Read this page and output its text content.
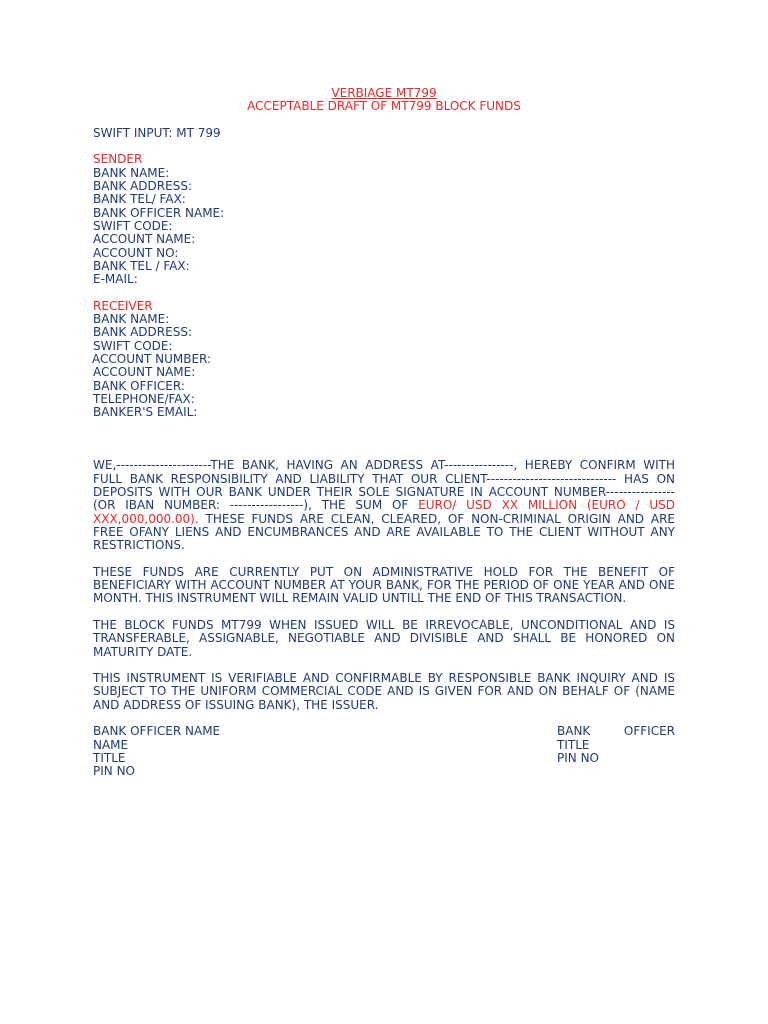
VERBIAGE MT799
ACCEPTABLE DRAFT OF MT799 BLOCK FUNDS
SWIFT INPUT: MT 799
SENDER
BANK NAME:
BANK ADDRESS:
BANK TEL/ FAX:
BANK OFFICER NAME:
SWIFT CODE:
ACCOUNT NAME:
ACCOUNT NO:
BANK TEL / FAX:
E-MAIL:
RECEIVER
BANK NAME:
BANK ADDRESS:
SWIFT CODE:
ACCOUNT NUMBER:
ACCOUNT NAME:
BANK OFFICER:
TELEPHONE/FAX:
BANKER'S EMAIL:
WE,----------------------THE BANK, HAVING AN ADDRESS AT----------------, HEREBY CONFIRM WITH FULL BANK RESPONSIBILITY AND LIABILITY THAT OUR CLIENT------------------------------ HAS ON DEPOSITS WITH OUR BANK UNDER THEIR SOLE SIGNATURE IN ACCOUNT NUMBER---------------- (OR IBAN NUMBER: -----------------), THE SUM OF EURO/ USD XX MILLION (EURO / USD XXX,000,000.00). THESE FUNDS ARE CLEAN, CLEARED, OF NON-CRIMINAL ORIGIN AND ARE FREE OFANY LIENS AND ENCUMBRANCES AND ARE AVAILABLE TO THE CLIENT WITHOUT ANY RESTRICTIONS.
THESE FUNDS ARE CURRENTLY PUT ON ADMINISTRATIVE HOLD FOR THE BENEFIT OF BENEFICIARY WITH ACCOUNT NUMBER AT YOUR BANK, FOR THE PERIOD OF ONE YEAR AND ONE MONTH. THIS INSTRUMENT WILL REMAIN VALID UNTILL THE END OF THIS TRANSACTION.
THE BLOCK FUNDS MT799 WHEN ISSUED WILL BE IRREVOCABLE, UNCONDITIONAL AND IS TRANSFERABLE, ASSIGNABLE, NEGOTIABLE AND DIVISIBLE AND SHALL BE HONORED ON MATURITY DATE.
THIS INSTRUMENT IS VERIFIABLE AND CONFIRMABLE BY RESPONSIBLE BANK INQUIRY AND IS SUBJECT TO THE UNIFORM COMMERCIAL CODE AND IS GIVEN FOR AND ON BEHALF OF (NAME AND ADDRESS OF ISSUING BANK), THE ISSUER.
BANK OFFICER NAME
NAME
TITLE
PIN NO
BANK	OFFICER
TITLE
PIN NO
